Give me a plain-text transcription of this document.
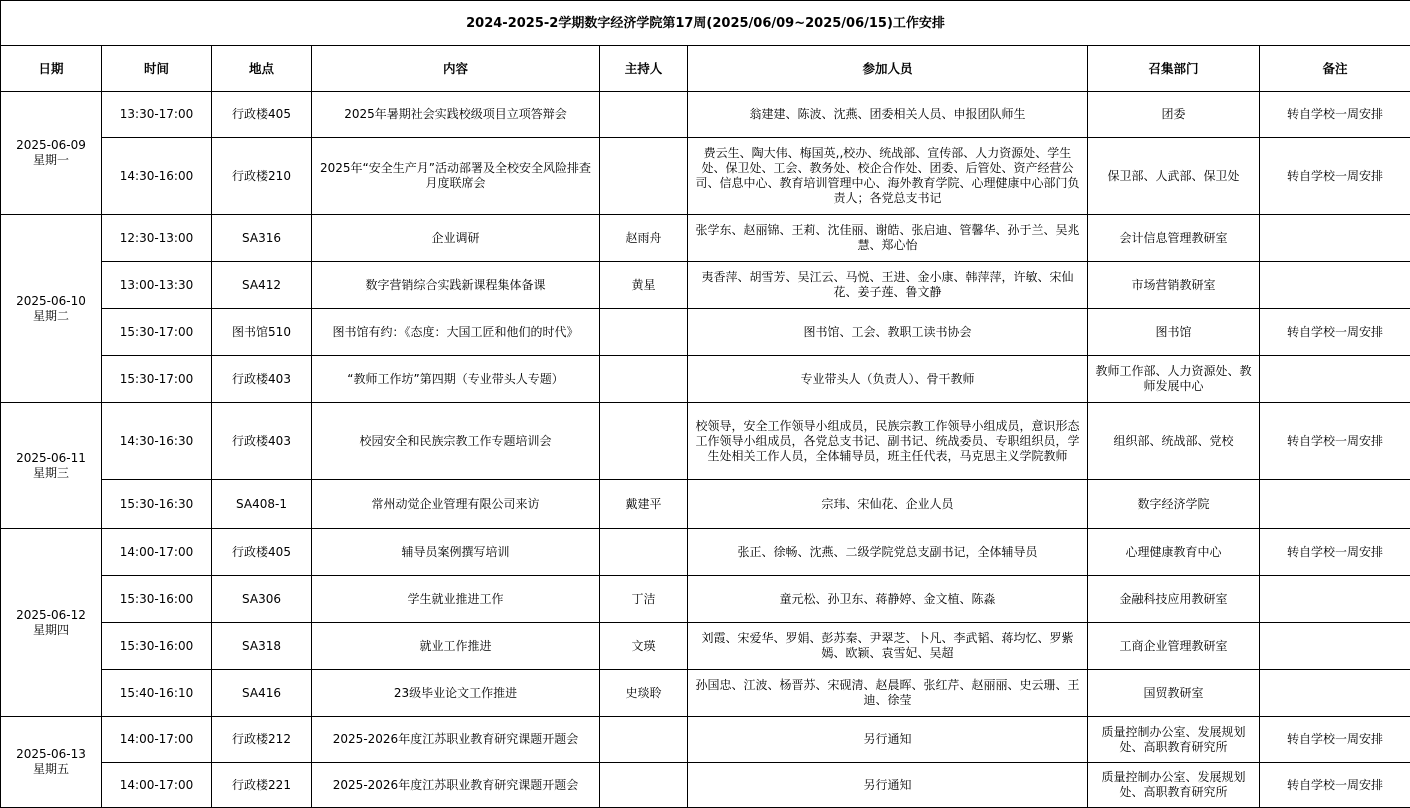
2024-2025-2学期数字经济学院第17周(2025/06/09~2025/06/15)工作安排							
日期	时间	地点	内容	主持人	参加人员	召集部门	备注
2025-06-09
星期一	13:30-17:00	行政楼405	2025年暑期社会实践校级项目立项答辩会		翁建建、陈波、沈燕、团委相关人员、申报团队师生	团委	转自学校一周安排
	14:30-16:00	行政楼210	2025年“安全生产月”活动部署及全校安全风险排查月度联席会		费云生、陶大伟、梅国英,,校办、统战部、宣传部、人力资源处、学生处、保卫处、工会、教务处、校企合作处、团委、后管处、资产经营公司、信息中心、教育培训管理中心、海外教育学院、心理健康中心部门负责人；各党总支书记	保卫部、人武部、保卫处	转自学校一周安排
2025-06-10
星期二	12:30-13:00	SA316	企业调研	赵雨舟	张学东、赵丽锦、王莉、沈佳丽、谢皓、张启迪、管馨华、孙于兰、吴兆慧、郑心怡	会计信息管理教研室	
	13:00-13:30	SA412	数字营销综合实践新课程集体备课	黄星	夷香萍、胡雪芳、吴江云、马悦、王进、金小康、韩萍萍，许敏、宋仙花、姜子莲、鲁文静	市场营销教研室	
	15:30-17:00	图书馆510	图书馆有约：《态度：大国工匠和他们的时代》		图书馆、工会、教职工读书协会	图书馆	转自学校一周安排
	15:30-17:00	行政楼403	“教师工作坊”第四期（专业带头人专题）		专业带头人（负责人）、骨干教师	教师工作部、人力资源处、教师发展中心	
2025-06-11
星期三	14:30-16:30	行政楼403	校园安全和民族宗教工作专题培训会		校领导，安全工作领导小组成员，民族宗教工作领导小组成员，意识形态工作领导小组成员，各党总支书记、副书记、统战委员、专职组织员，学生处相关工作人员，全体辅导员，班主任代表，马克思主义学院教师	组织部、统战部、党校	转自学校一周安排
	15:30-16:30	SA408-1	常州动觉企业管理有限公司来访	戴建平	宗玮、宋仙花、企业人员	数字经济学院	
2025-06-12
星期四	14:00-17:00	行政楼405	辅导员案例撰写培训		张正、徐畅、沈燕、二级学院党总支副书记，全体辅导员	心理健康教育中心	转自学校一周安排
	15:30-16:00	SA306	学生就业推进工作	丁洁	童元松、孙卫东、蒋静婷、金文植、陈淼	金融科技应用教研室	
	15:30-16:00	SA318	就业工作推进	文瑛	刘霞、宋爱华、罗娟、彭苏秦、尹翠芝、卜凡、李武韬、蒋均忆、罗紫嫣、欧颖、袁雪妃、吴超	工商企业管理教研室	
	15:40-16:10	SA416	23级毕业论文工作推进	史琰聆	孙国忠、江波、杨晋苏、宋砚清、赵晨晖、张红芹、赵丽丽、史云珊、王迪、徐莹	国贸教研室	
2025-06-13
星期五	14:00-17:00	行政楼212	2025-2026年度江苏职业教育研究课题开题会		另行通知	质量控制办公室、发展规划处、高职教育研究所	转自学校一周安排
	14:00-17:00	行政楼221	2025-2026年度江苏职业教育研究课题开题会		另行通知	质量控制办公室、发展规划处、高职教育研究所	转自学校一周安排
